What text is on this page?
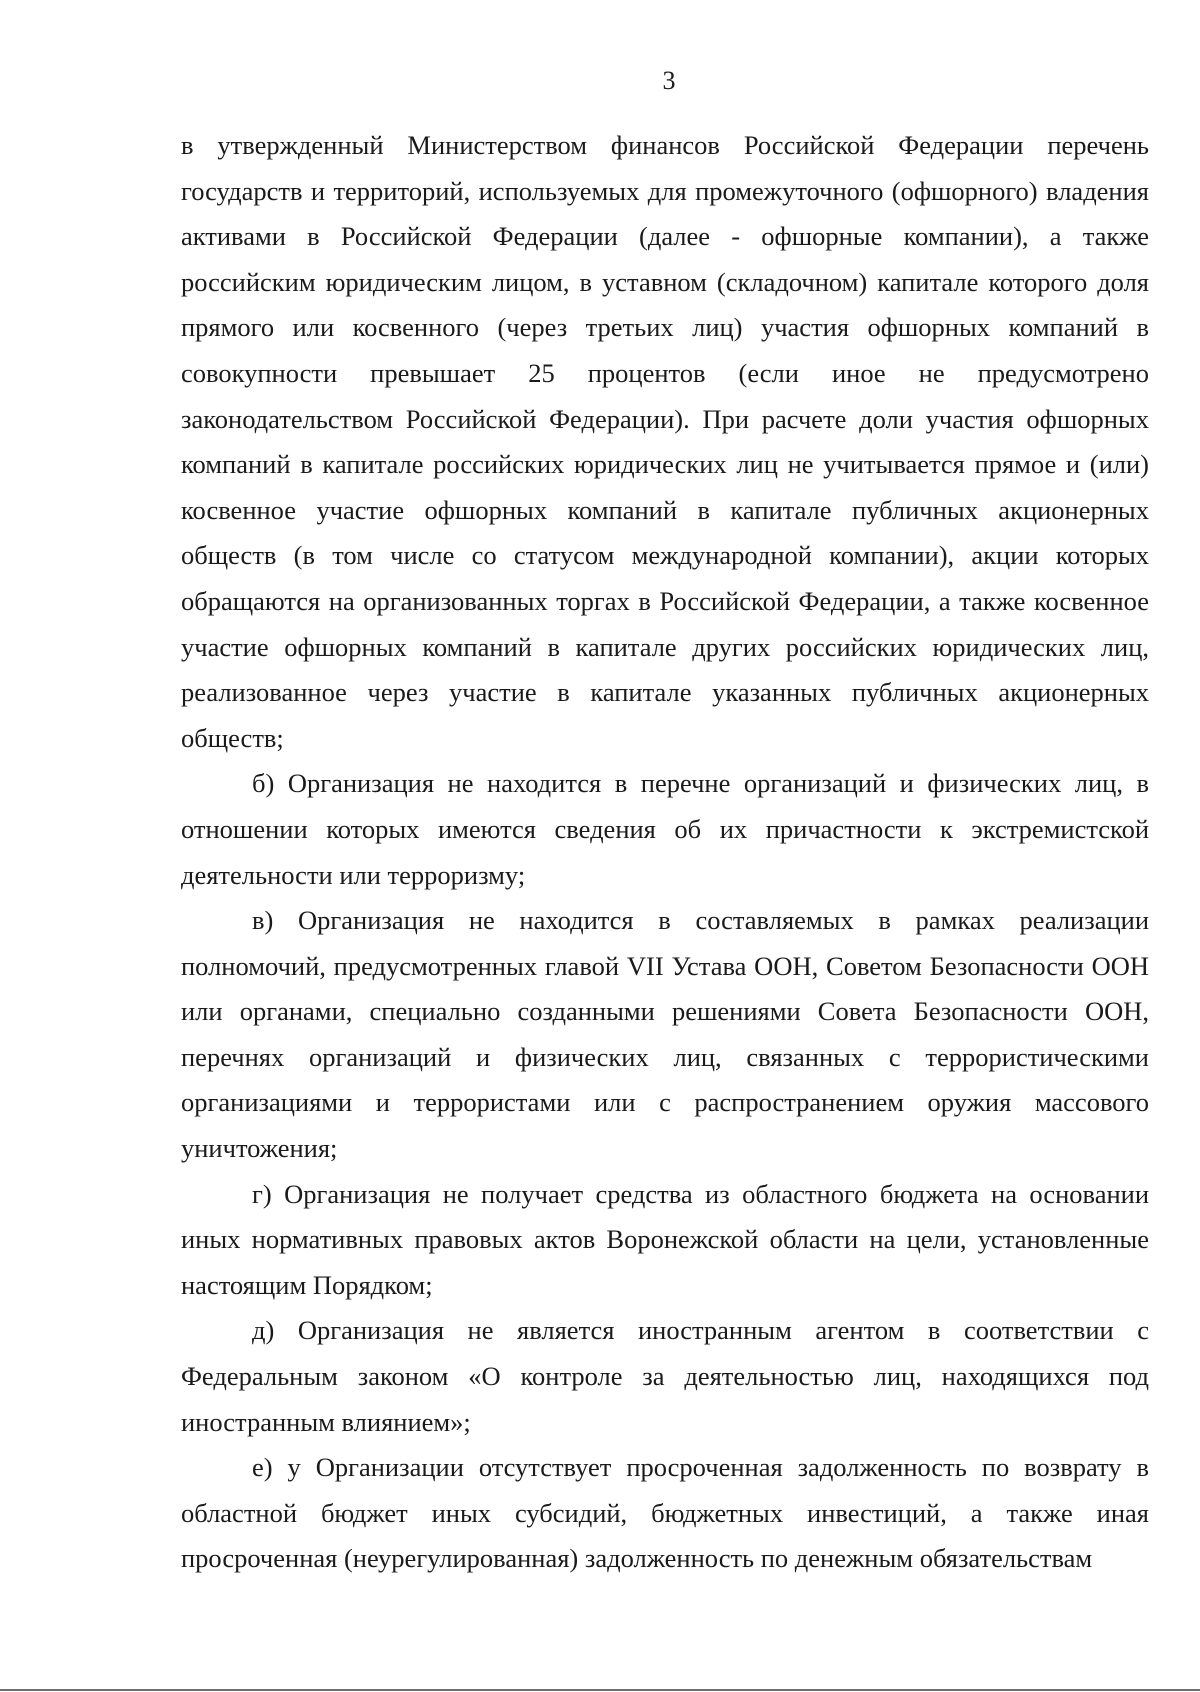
3

в утвержденный Министерством финансов Российской Федерации перечень государств и территорий, используемых для промежуточного (офшорного) владения активами в Российской Федерации (далее - офшорные компании), а также российским юридическим лицом, в уставном (складочном) капитале которого доля прямого или косвенного (через третьих лиц) участия офшорных компаний в совокупности превышает 25 процентов (если иное не предусмотрено законодательством Российской Федерации). При расчете доли участия офшорных компаний в капитале российских юридических лиц не учитывается прямое и (или) косвенное участие офшорных компаний в капитале публичных акционерных обществ (в том числе со статусом международной компании), акции которых обращаются на организованных торгах в Российской Федерации, а также косвенное участие офшорных компаний в капитале других российских юридических лиц, реализованное через участие в капитале указанных публичных акционерных обществ;

б) Организация не находится в перечне организаций и физических лиц, в отношении которых имеются сведения об их причастности к экстремистской деятельности или терроризму;

в) Организация не находится в составляемых в рамках реализации полномочий, предусмотренных главой VII Устава ООН, Советом Безопасности ООН или органами, специально созданными решениями Совета Безопасности ООН, перечнях организаций и физических лиц, связанных с террористическими организациями и террористами или с распространением оружия массового уничтожения;

г) Организация не получает средства из областного бюджета на основании иных нормативных правовых актов Воронежской области на цели, установленные настоящим Порядком;

д) Организация не является иностранным агентом в соответствии с Федеральным законом «О контроле за деятельностью лиц, находящихся под иностранным влиянием»;

е) у Организации отсутствует просроченная задолженность по возврату в областной бюджет иных субсидий, бюджетных инвестиций, а также иная просроченная (неурегулированная) задолженность по денежным обязательствам
